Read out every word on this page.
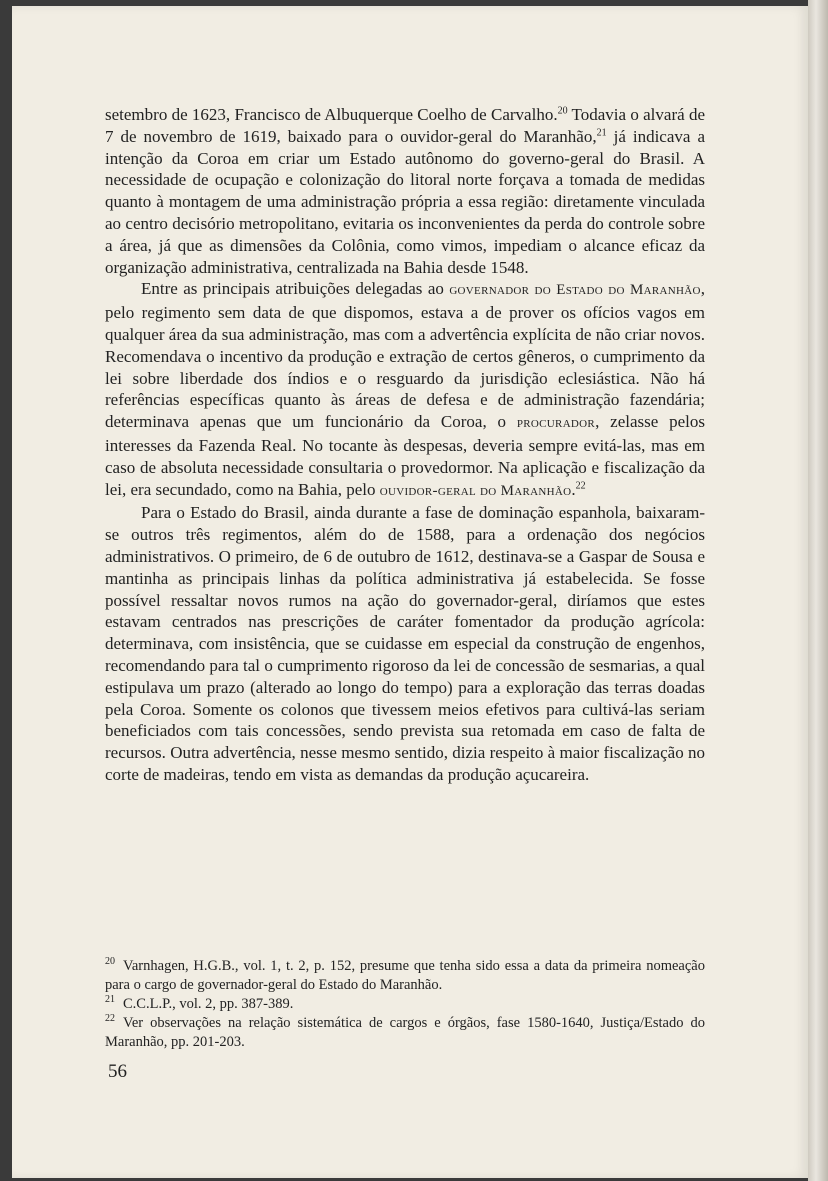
setembro de 1623, Francisco de Albuquerque Coelho de Carvalho.$^{20}$ Todavia o alvará de 7 de novembro de 1619, baixado para o ouvidor-geral do Maranhão,$^{21}$ já indicava a intenção da Coroa em criar um Estado autônomo do governo-geral do Brasil. A necessidade de ocupação e colonização do litoral norte forçava a tomada de medidas quanto à montagem de uma administração própria a essa região: diretamente vinculada ao centro decisório metropolitano, evitaria os inconvenientes da perda do controle sobre a área, já que as dimensões da Colônia, como vimos, impediam o alcance eficaz da organização administrativa, centralizada na Bahia desde 1548.

Entre as principais atribuições delegadas ao governador do Estado do Maranhão, pelo regimento sem data de que dispomos, estava a de prover os ofícios vagos em qualquer área da sua administração, mas com a advertência explícita de não criar novos. Recomendava o incentivo da produção e extração de certos gêneros, o cumprimento da lei sobre liberdade dos índios e o resguardo da jurisdição eclesiástica. Não há referências específicas quanto às áreas de defesa e de administração fazendária; determinava apenas que um funcionário da Coroa, o procurador, zelasse pelos interesses da Fazenda Real. No tocante às despesas, deveria sempre evitá-las, mas em caso de absoluta necessidade consultaria o provedormor. Na aplicação e fiscalização da lei, era secundado, como na Bahia, pelo ouvidor-geral do Maranhão.$^{22}$

Para o Estado do Brasil, ainda durante a fase de dominação espanhola, baixaram-se outros três regimentos, além do de 1588, para a ordenação dos negócios administrativos. O primeiro, de 6 de outubro de 1612, destinava-se a Gaspar de Sousa e mantinha as principais linhas da política administrativa já estabelecida. Se fosse possível ressaltar novos rumos na ação do governador-geral, diríamos que estes estavam centrados nas prescrições de caráter fomentador da produção agrícola: determinava, com insistência, que se cuidasse em especial da construção de engenhos, recomendando para tal o cumprimento rigoroso da lei de concessão de sesmarias, a qual estipulava um prazo (alterado ao longo do tempo) para a exploração das terras doadas pela Coroa. Somente os colonos que tivessem meios efetivos para cultivá-las seriam beneficiados com tais concessões, sendo prevista sua retomada em caso de falta de recursos. Outra advertência, nesse mesmo sentido, dizia respeito à maior fiscalização no corte de madeiras, tendo em vista as demandas da produção açucareira.

$^{20}$ Varnhagen, H.G.B., vol. 1, t. 2, p. 152, presume que tenha sido essa a data da primeira nomeação para o cargo de governador-geral do Estado do Maranhão.

$^{21}$ C.C.L.P., vol. 2, pp. 387-389.

$^{22}$ Ver observações na relação sistemática de cargos e órgãos, fase 1580-1640, Justiça/Estado do Maranhão, pp. 201-203.

56
